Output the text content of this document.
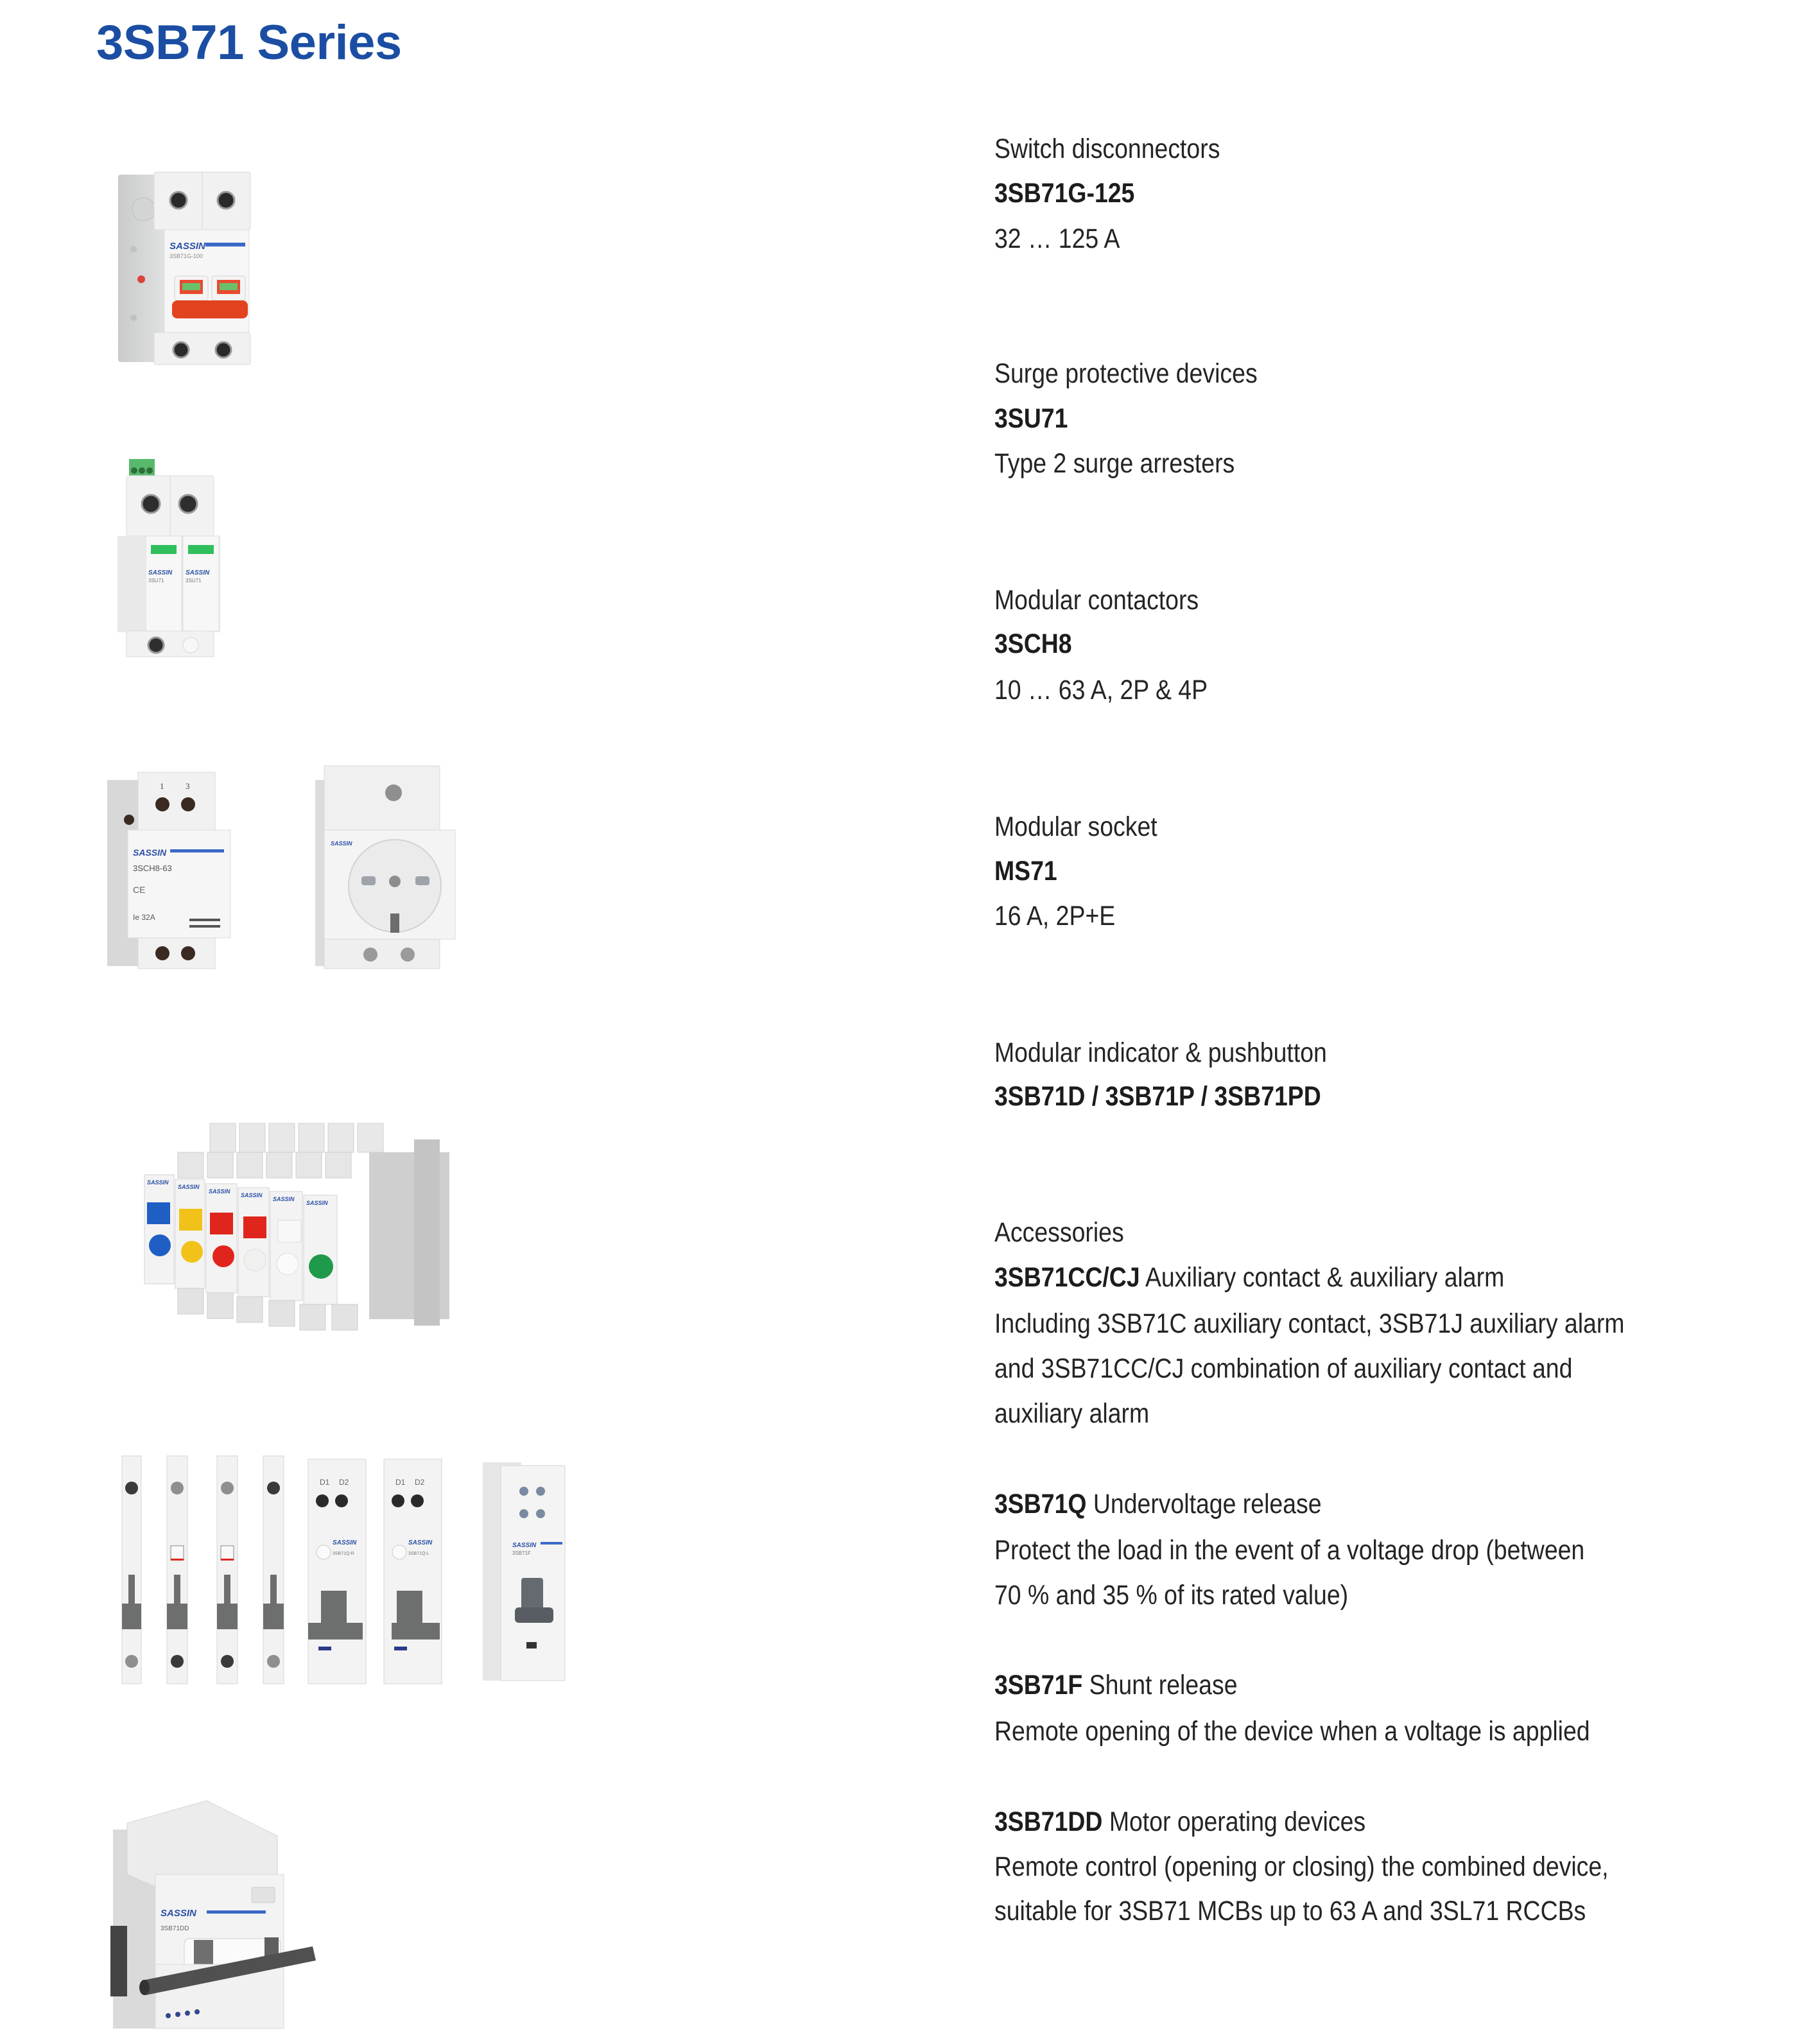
3SB71 Series
Switch disconnectors
3SB71G-125
32 … 125 A
Surge protective devices
3SU71
Type 2 surge arresters
Modular contactors
3SCH8
10 … 63 A, 2P & 4P
Modular socket
MS71
16 A, 2P+E
Modular indicator & pushbutton
3SB71D / 3SB71P / 3SB71PD
Accessories
3SB71CC/CJ Auxiliary contact & auxiliary alarm
Including 3SB71C auxiliary contact, 3SB71J auxiliary alarm
and 3SB71CC/CJ combination of auxiliary contact and
auxiliary alarm
3SB71Q Undervoltage release
Protect the load in the event of a voltage drop (between
70 % and 35 % of its rated value)
3SB71F Shunt release
Remote opening of the device when a voltage is applied
3SB71DD Motor operating devices
Remote control (opening or closing) the combined device,
suitable for 3SB71 MCBs up to 63 A and 3SL71 RCCBs
SASSIN
3SB71G-100
SASSIN SASSIN
3SU71	3SU71
1	3
SASSIN
3SCH8-63
CE
Ie 32A
SASSIN
SASSIN
SASSIN
SASSIN
SASSIN
SASSIN
SASSIN
D1 D2	D1 D2
SASSIN	SASSIN
3SB71Q-R	3SB71Q-L
SASSIN
3SB71F
SASSIN
3SB71DD
